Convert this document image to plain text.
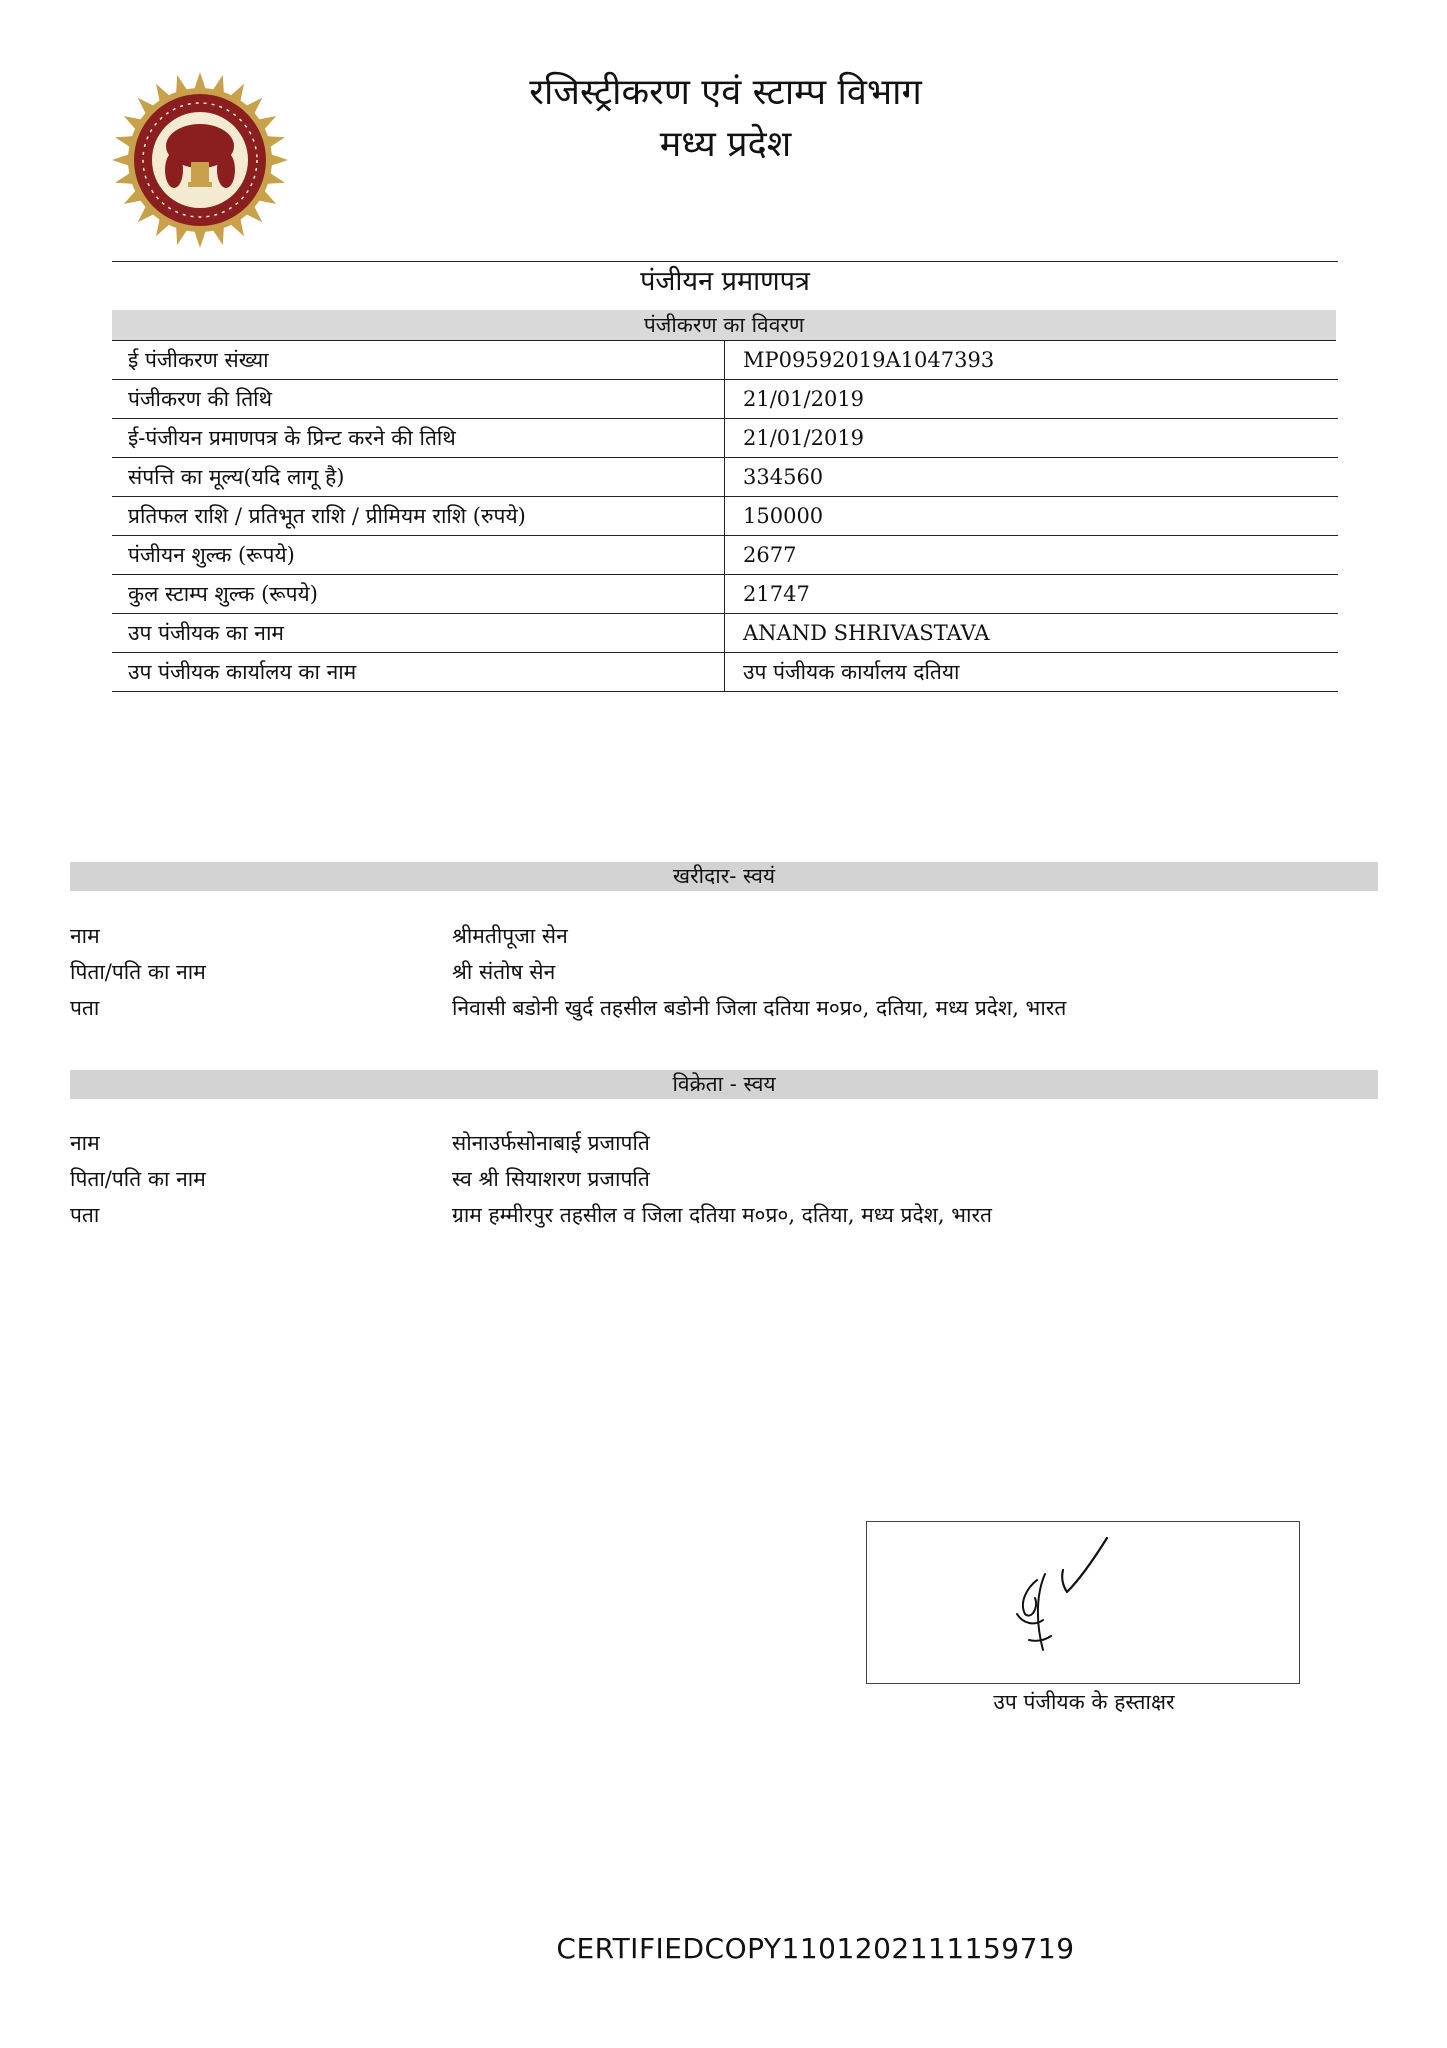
रजिस्ट्रीकरण एवं स्टाम्प विभाग
मध्य प्रदेश
पंजीयन प्रमाणपत्र
पंजीकरण का विवरण
ई पंजीकरण संख्या	MP09592019A1047393
पंजीकरण की तिथि	21/01/2019
ई-पंजीयन प्रमाणपत्र के प्रिन्ट करने की तिथि	21/01/2019
संपत्ति का मूल्य(यदि लागू है)	334560
प्रतिफल राशि / प्रतिभूत राशि / प्रीमियम राशि (रुपये)	150000
पंजीयन शुल्क (रूपये)	2677
कुल स्टाम्प शुल्क (रूपये)	21747
उप पंजीयक का नाम	ANAND SHRIVASTAVA
उप पंजीयक कार्यालय का नाम	उप पंजीयक कार्यालय दतिया
खरीदार- स्वयं
नाम	श्रीमतीपूजा सेन
पिता/पति का नाम	श्री संतोष सेन
पता	निवासी बडोनी खुर्द तहसील बडोनी जिला दतिया म०प्र०, दतिया, मध्य प्रदेश, भारत
विक्रेता - स्वय
नाम	सोनाउर्फसोनाबाई प्रजापति
पिता/पति का नाम	स्व श्री सियाशरण प्रजापति
पता	ग्राम हम्मीरपुर तहसील व जिला दतिया म०प्र०, दतिया, मध्य प्रदेश, भारत
उप पंजीयक के हस्ताक्षर
CERTIFIEDCOPY1101202111159719
